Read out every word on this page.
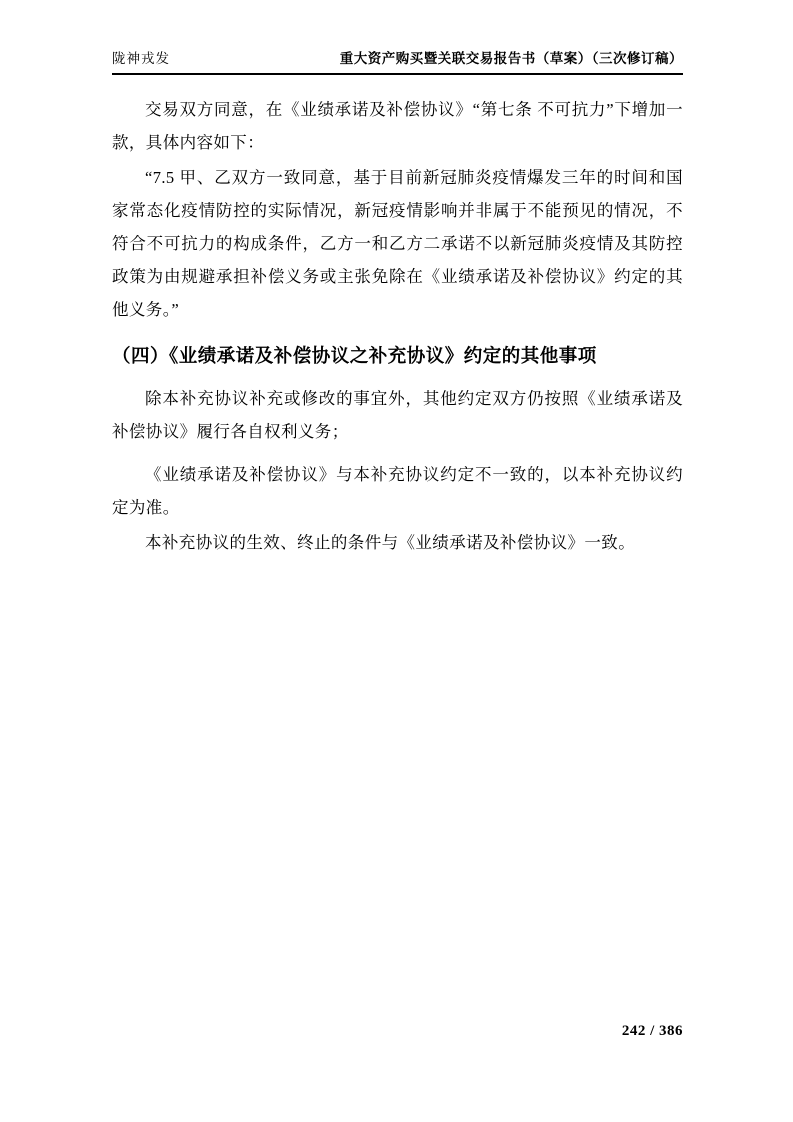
陇神戎发	重大资产购买暨关联交易报告书（草案）（三次修订稿）

交易双方同意，在《业绩承诺及补偿协议》“第七条 不可抗力”下增加一款，具体内容如下：

“7.5 甲、乙双方一致同意，基于目前新冠肺炎疫情爆发三年的时间和国家常态化疫情防控的实际情况，新冠疫情影响并非属于不能预见的情况，不符合不可抗力的构成条件，乙方一和乙方二承诺不以新冠肺炎疫情及其防控政策为由规避承担补偿义务或主张免除在《业绩承诺及补偿协议》约定的其他义务。”

（四）《业绩承诺及补偿协议之补充协议》约定的其他事项

除本补充协议补充或修改的事宜外，其他约定双方仍按照《业绩承诺及补偿协议》履行各自权利义务；

《业绩承诺及补偿协议》与本补充协议约定不一致的，以本补充协议约定为准。

本补充协议的生效、终止的条件与《业绩承诺及补偿协议》一致。

242 / 386
